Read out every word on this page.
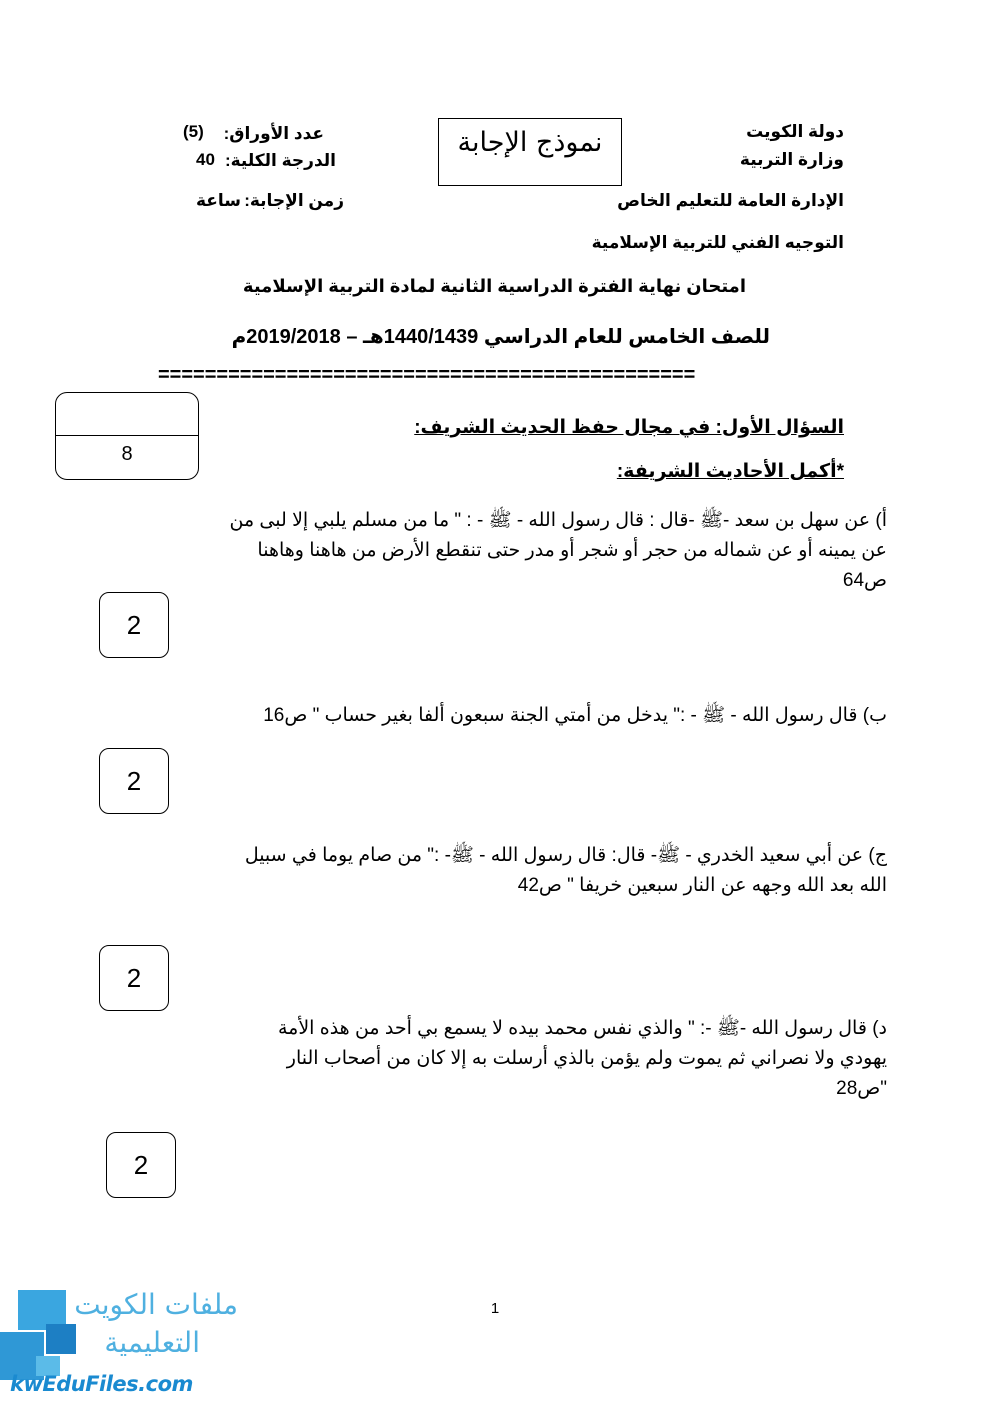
دولة الكويت
وزارة التربية
الإدارة العامة للتعليم الخاص
التوجيه الفني للتربية الإسلامية
نموذج الإجابة
عدد الأوراق:
(5)
الدرجة الكلية:
40
زمن الإجابة:
ساعة
امتحان نهاية الفترة الدراسية الثانية لمادة التربية الإسلامية
للصف الخامس للعام الدراسي 1440/1439هـ – 2019/2018م
==============================================
8
السؤال الأول: في مجال حفظ الحديث الشريف:
*أكمل الأحاديث الشريفة:
أ) عن سهل بن سعد -ﷺ -قال : قال رسول الله - ﷺ - : " ما من مسلم يلبي إلا لبى من
عن يمينه أو عن شماله من حجر أو شجر أو مدر حتى تنقطع الأرض من هاهنا وهاهنا
ص64
2
ب) قال رسول الله - ﷺ - :" يدخل من أمتي الجنة سبعون ألفا بغير حساب " ص16
2
ج) عن أبي سعيد الخدري - ﷺ- قال: قال رسول الله - ﷺ- :" من صام يوما في سبيل
الله بعد الله وجهه عن النار سبعين خريفا " ص42
2
د) قال رسول الله -ﷺ -: " والذي نفس محمد بيده لا يسمع بي أحد من هذه الأمة
يهودي ولا نصراني ثم يموت ولم يؤمن بالذي أرسلت به إلا كان من أصحاب النار
"ص28
2
1
ملفات الكويت
التعليمية
kwEduFiles.com
